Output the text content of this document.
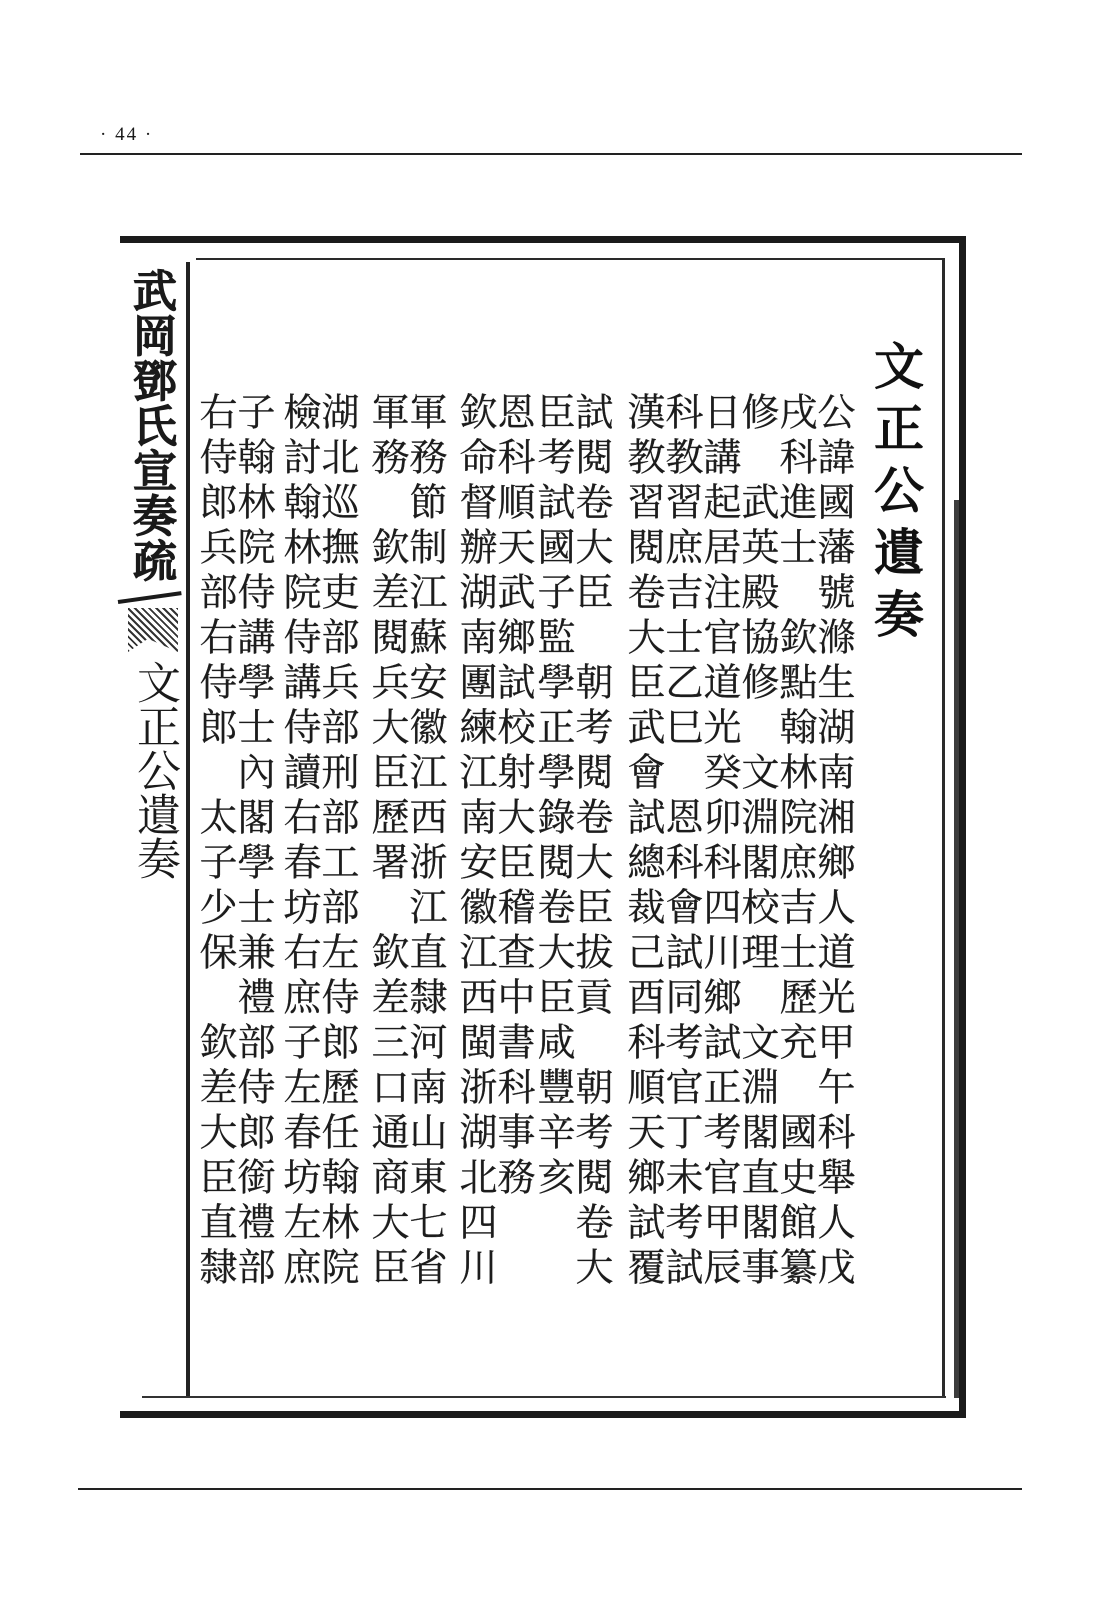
· 44 ·
武岡鄧氏宣奏疏
文正公遺奏
文正公遺奏
公諱國藩號滌生湖南湘鄉人道光甲午科舉人戊
戌科進士　欽點翰林院庶吉士歷充　國史館纂
修　武英殿協修　文淵閣校理　文淵閣直閣事
日講起居注官道光癸卯科四川鄉試正考官甲辰
科教習庶吉士乙巳　恩科會試同考官丁未考試
漢教習閱卷大臣武會試總裁己酉科順天鄉試覆
試閱卷大臣　朝考閱卷大臣拔貢　朝考閱卷大
臣考試國子監學正學錄閱卷大臣咸豐辛亥
恩科順天武鄉試校射大臣稽查中書科事務
欽命督辦湖南團練江南安徽江西閩浙湖北四川
軍務節制江蘇安徽江西浙江直隸河南山東七省
軍務　欽差閱兵大臣歷署　欽差三口通商大臣
湖北巡撫吏部兵部刑部工部左侍郎歷任翰林院
檢討翰林院侍講侍讀右春坊右庶子左春坊左庶
子翰林院侍講學士內閣學士兼禮部侍郎銜禮部
右侍郎兵部右侍郎　太子少保　欽差大臣直隸
